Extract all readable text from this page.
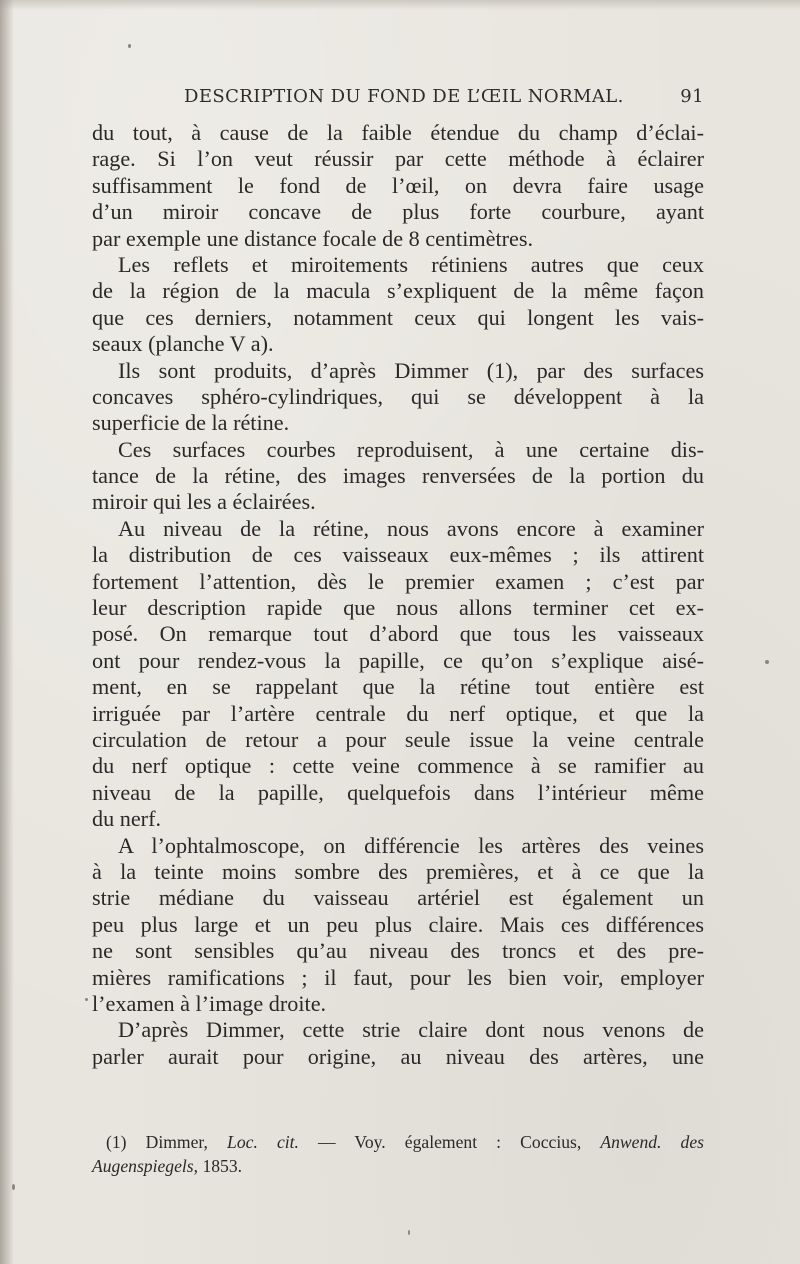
DESCRIPTION DU FOND DE L’ŒIL NORMAL.	91
du tout, à cause de la faible étendue du champ d’éclai-
rage. Si l’on veut réussir par cette méthode à éclairer
suffisamment le fond de l’œil, on devra faire usage
d’un miroir concave de plus forte courbure, ayant
par exemple une distance focale de 8 centimètres.
Les reflets et miroitements rétiniens autres que ceux
de la région de la macula s’expliquent de la même façon
que ces derniers, notamment ceux qui longent les vais-
seaux (planche V a).
Ils sont produits, d’après Dimmer (1), par des surfaces
concaves sphéro-cylindriques, qui se développent à la
superficie de la rétine.
Ces surfaces courbes reproduisent, à une certaine dis-
tance de la rétine, des images renversées de la portion du
miroir qui les a éclairées.
Au niveau de la rétine, nous avons encore à examiner
la distribution de ces vaisseaux eux-mêmes ; ils attirent
fortement l’attention, dès le premier examen ; c’est par
leur description rapide que nous allons terminer cet ex-
posé. On remarque tout d’abord que tous les vaisseaux
ont pour rendez-vous la papille, ce qu’on s’explique aisé-
ment, en se rappelant que la rétine tout entière est
irriguée par l’artère centrale du nerf optique, et que la
circulation de retour a pour seule issue la veine centrale
du nerf optique : cette veine commence à se ramifier au
niveau de la papille, quelquefois dans l’intérieur même
du nerf.
A l’ophtalmoscope, on différencie les artères des veines
à la teinte moins sombre des premières, et à ce que la
strie médiane du vaisseau artériel est également un
peu plus large et un peu plus claire. Mais ces différences
ne sont sensibles qu’au niveau des troncs et des pre-
mières ramifications ; il faut, pour les bien voir, employer
l’examen à l’image droite.
D’après Dimmer, cette strie claire dont nous venons de
parler aurait pour origine, au niveau des artères, une
(1) Dimmer, Loc. cit. — Voy. également : Coccius, Anwend. des
Augenspiegels, 1853.
